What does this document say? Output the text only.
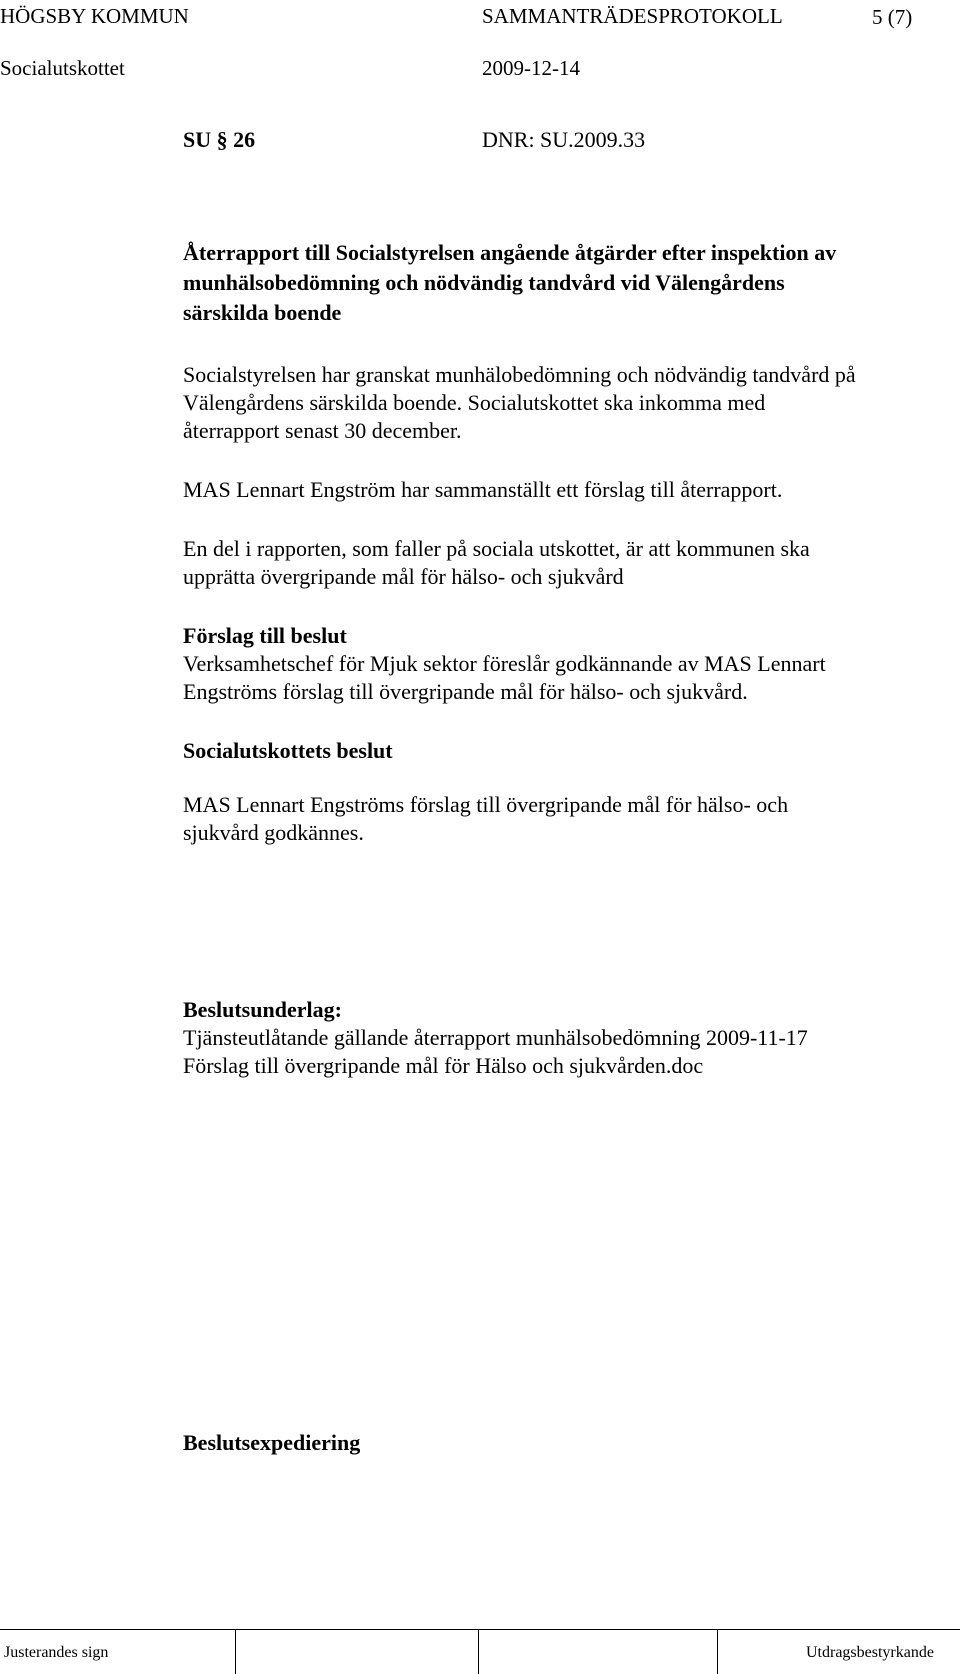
HÖGSBY KOMMUN	SAMMANTRÄDESPROTOKOLL	5 (7)
Socialutskottet	2009-12-14
SU § 26	DNR: SU.2009.33
Återrapport till Socialstyrelsen angående åtgärder efter inspektion av
munhälsobedömning och nödvändig tandvård vid Välengårdens
särskilda boende
Socialstyrelsen har granskat munhälobedömning och nödvändig tandvård på
Välengårdens särskilda boende. Socialutskottet ska inkomma med
återrapport senast 30 december.
MAS Lennart Engström har sammanställt ett förslag till återrapport.
En del i rapporten, som faller på sociala utskottet, är att kommunen ska
upprätta övergripande mål för hälso- och sjukvård
Förslag till beslut
Verksamhetschef för Mjuk sektor föreslår godkännande av MAS Lennart
Engströms förslag till övergripande mål för hälso- och sjukvård.
Socialutskottets beslut
MAS Lennart Engströms förslag till övergripande mål för hälso- och
sjukvård godkännes.
Beslutsunderlag:
Tjänsteutlåtande gällande återrapport munhälsobedömning 2009-11-17
Förslag till övergripande mål för Hälso och sjukvården.doc
Beslutsexpediering
Justerandes sign	Utdragsbestyrkande
